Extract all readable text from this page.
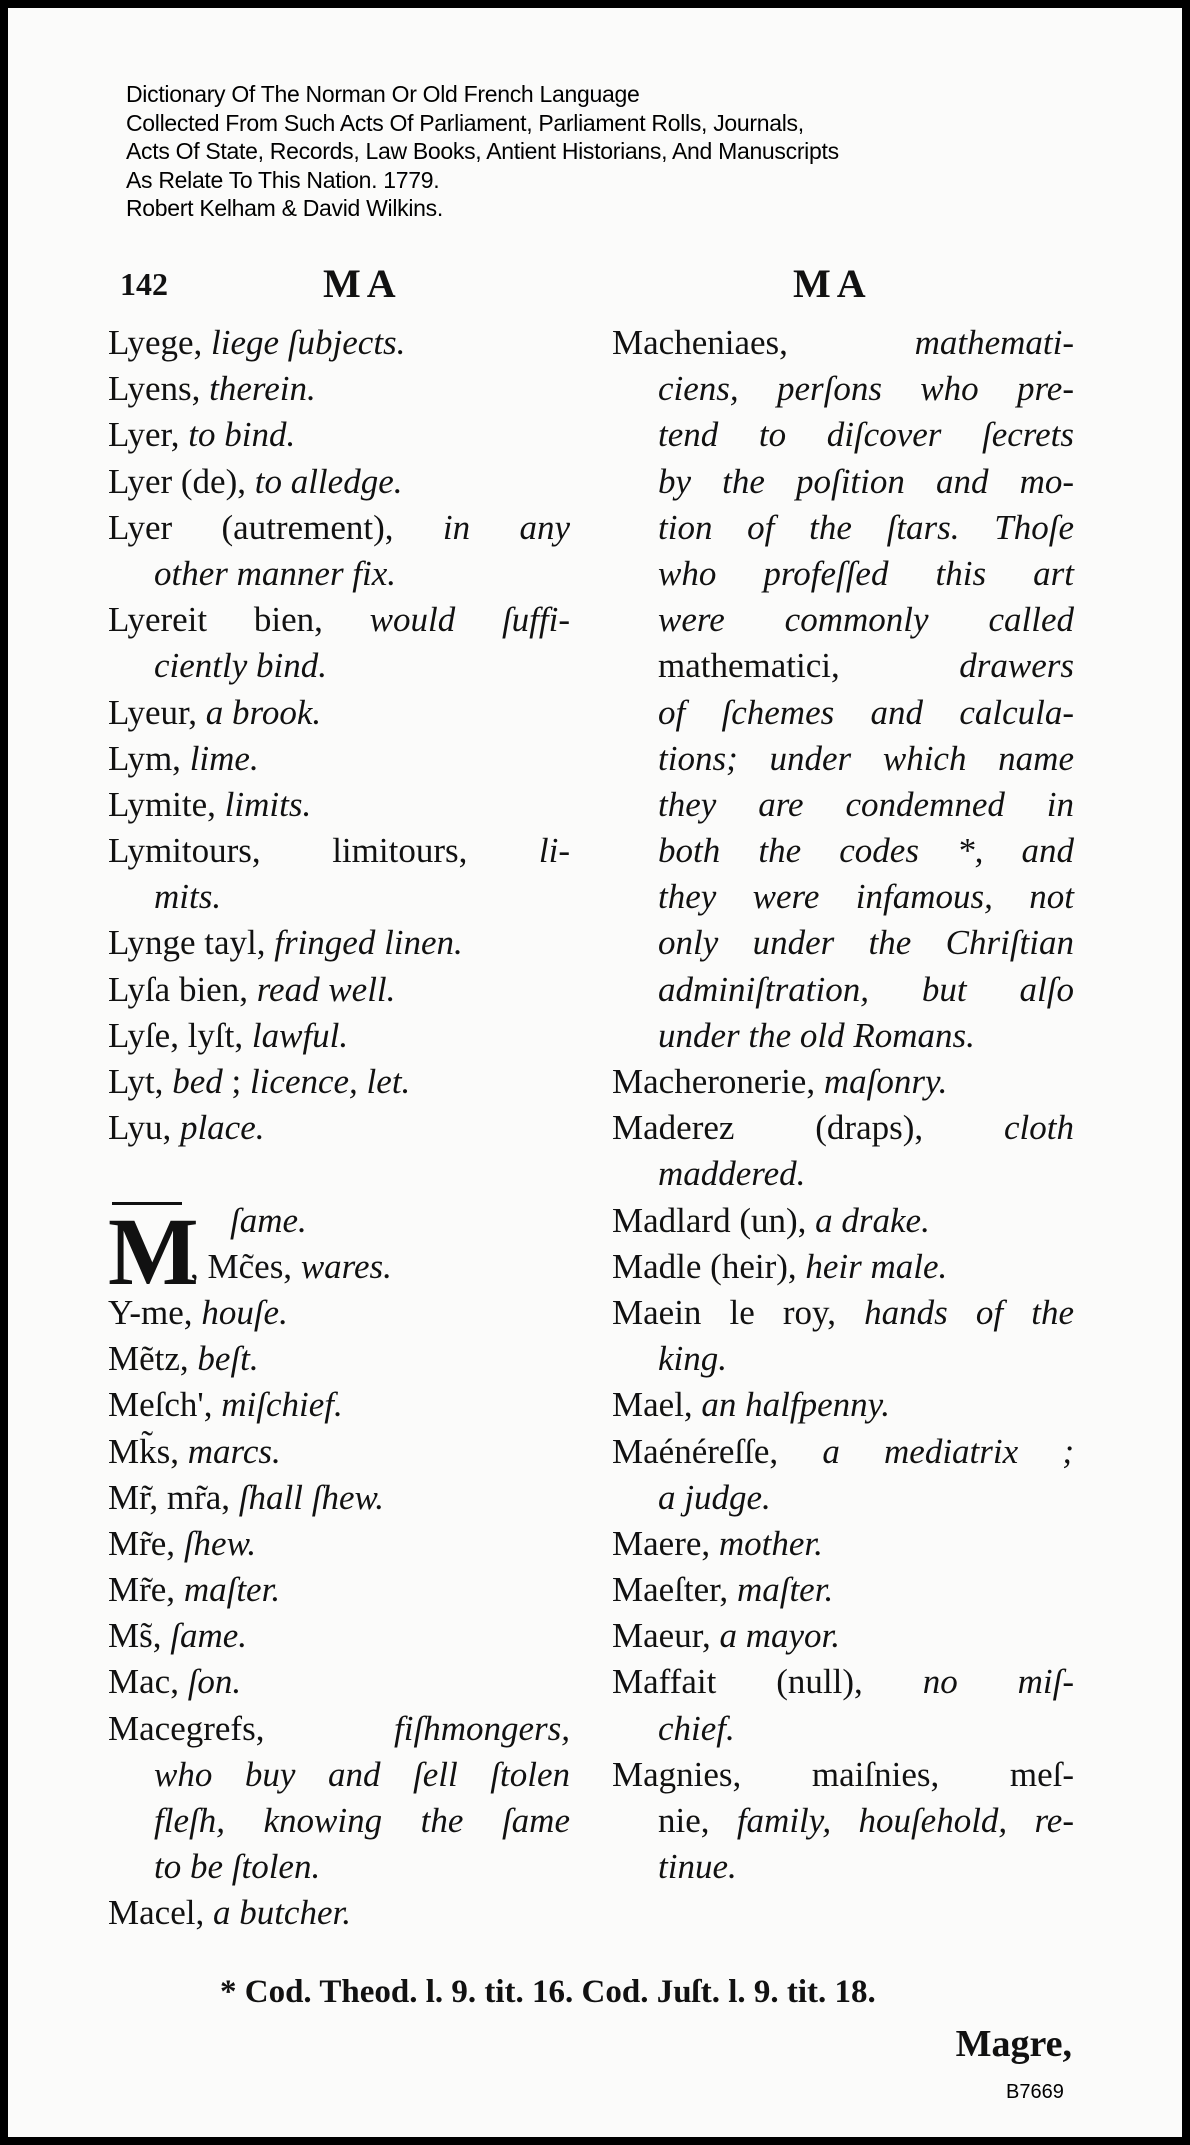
Dictionary Of The Norman Or Old French Language
Collected From Such Acts Of Parliament, Parliament Rolls, Journals,
Acts Of State, Records, Law Books, Antient Historians, And Manuscripts
As Relate To This Nation. 1779.
Robert Kelham & David Wilkins.
142	MA	MA
Lyege, liege ſubjects.
Lyens, therein.
Lyer, to bind.
Lyer (de), to alledge.
Lyer (autrement), in any
other manner fix.
Lyereit bien, would ſuffi-
ciently bind.
Lyeur, a brook.
Lym, lime.
Lymite, limits.
Lymitours, limitours, li-
mits.
Lynge tayl, fringed linen.
Lyſa bien, read well.
Lyſe, lyſt, lawful.
Lyt, bed ; licence, let.
Lyu, place.
ſame.
, Mc̃es, wares.
Y-me, houſe.
Mẽtz, beſt.
Meſch', miſchief.
Mk̃s, marcs.
Mr̃, mr̃a, ſhall ſhew.
Mr̃e, ſhew.
Mr̃e, maſter.
Ms̃, ſame.
Mac, ſon.
Macegrefs, fiſhmongers,
who buy and ſell ſtolen
fleſh, knowing the ſame
to be ſtolen.
Macel, a butcher.
M
Macheniaes, mathemati-
ciens, perſons who pre-
tend to diſcover ſecrets
by the poſition and mo-
tion of the ſtars. Thoſe
who profeſſed this art
were commonly called
mathematici, drawers
of ſchemes and calcula-
tions; under which name
they are condemned in
both the codes *, and
they were infamous, not
only under the Chriſtian
adminiſtration, but alſo
under the old Romans.
Macheronerie, maſonry.
Maderez (draps), cloth
maddered.
Madlard (un), a drake.
Madle (heir), heir male.
Maein le roy, hands of the
king.
Mael, an halfpenny.
Maénéreſſe, a mediatrix ;
a judge.
Maere, mother.
Maeſter, maſter.
Maeur, a mayor.
Maffait (null), no miſ-
chief.
Magnies, maiſnies, meſ-
nie, family, houſehold, re-
tinue.
* Cod. Theod. l. 9. tit. 16. Cod. Juſt. l. 9. tit. 18.
Magre,
B7669
